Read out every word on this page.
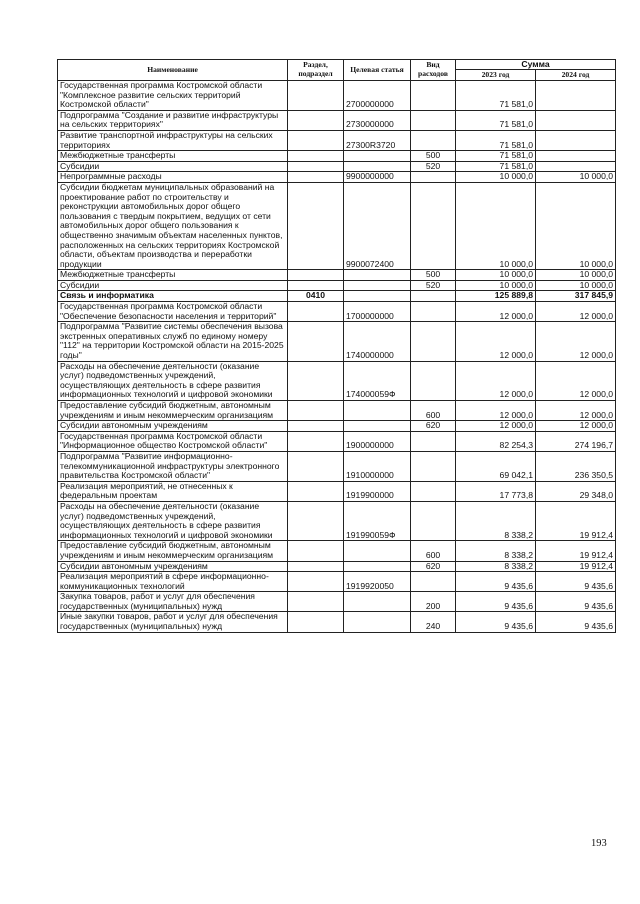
Наименование	Раздел, подраздел	Целевая статья	Вид расходов	Сумма	
				2023 год	2024 год
Государственная программа Костромской области "Комплексное развитие сельских территорий Костромской области"		2700000000		71 581,0	
Подпрограмма "Создание и развитие инфраструктуры на сельских территориях"		2730000000		71 581,0	
Развитие транспортной инфраструктуры на сельских территориях		27300R3720		71 581,0	
Межбюджетные трансферты			500	71 581,0	
Субсидии			520	71 581,0	
Непрограммные расходы		9900000000		10 000,0	10 000,0
Субсидии бюджетам муниципальных образований на проектирование работ по строительству и реконструкции автомобильных дорог общего пользования с твердым покрытием, ведущих от сети автомобильных дорог общего пользования к общественно значимым объектам населенных пунктов, расположенных на сельских территориях Костромской области, объектам производства и переработки продукции		9900072400		10 000,0	10 000,0
Межбюджетные трансферты			500	10 000,0	10 000,0
Субсидии			520	10 000,0	10 000,0
Связь и информатика	0410			125 889,8	317 845,9
Государственная программа Костромской области "Обеспечение безопасности населения и территорий"		1700000000		12 000,0	12 000,0
Подпрограмма "Развитие системы обеспечения вызова экстренных оперативных служб по единому номеру "112" на территории Костромской области на 2015-2025 годы"		1740000000		12 000,0	12 000,0
Расходы на обеспечение деятельности (оказание услуг) подведомственных учреждений, осуществляющих деятельность в сфере развития информационных технологий и цифровой экономики		174000059Ф		12 000,0	12 000,0
Предоставление субсидий бюджетным, автономным учреждениям и иным некоммерческим организациям			600	12 000,0	12 000,0
Субсидии автономным учреждениям			620	12 000,0	12 000,0
Государственная программа Костромской области "Информационное общество Костромской области"		1900000000		82 254,3	274 196,7
Подпрограмма "Развитие информационно-телекоммуникационной инфраструктуры электронного правительства Костромской области"		1910000000		69 042,1	236 350,5
Реализация мероприятий, не отнесенных к федеральным проектам		1919900000		17 773,8	29 348,0
Расходы на обеспечение деятельности (оказание услуг) подведомственных учреждений, осуществляющих деятельность в сфере развития информационных технологий и цифровой экономики		191990059Ф		8 338,2	19 912,4
Предоставление субсидий бюджетным, автономным учреждениям и иным некоммерческим организациям			600	8 338,2	19 912,4
Субсидии автономным учреждениям			620	8 338,2	19 912,4
Реализация мероприятий в сфере информационно-коммуникационных технологий		1919920050		9 435,6	9 435,6
Закупка товаров, работ и услуг для обеспечения государственных (муниципальных) нужд			200	9 435,6	9 435,6
Иные закупки товаров, работ и услуг для обеспечения государственных (муниципальных) нужд			240	9 435,6	9 435,6
193
